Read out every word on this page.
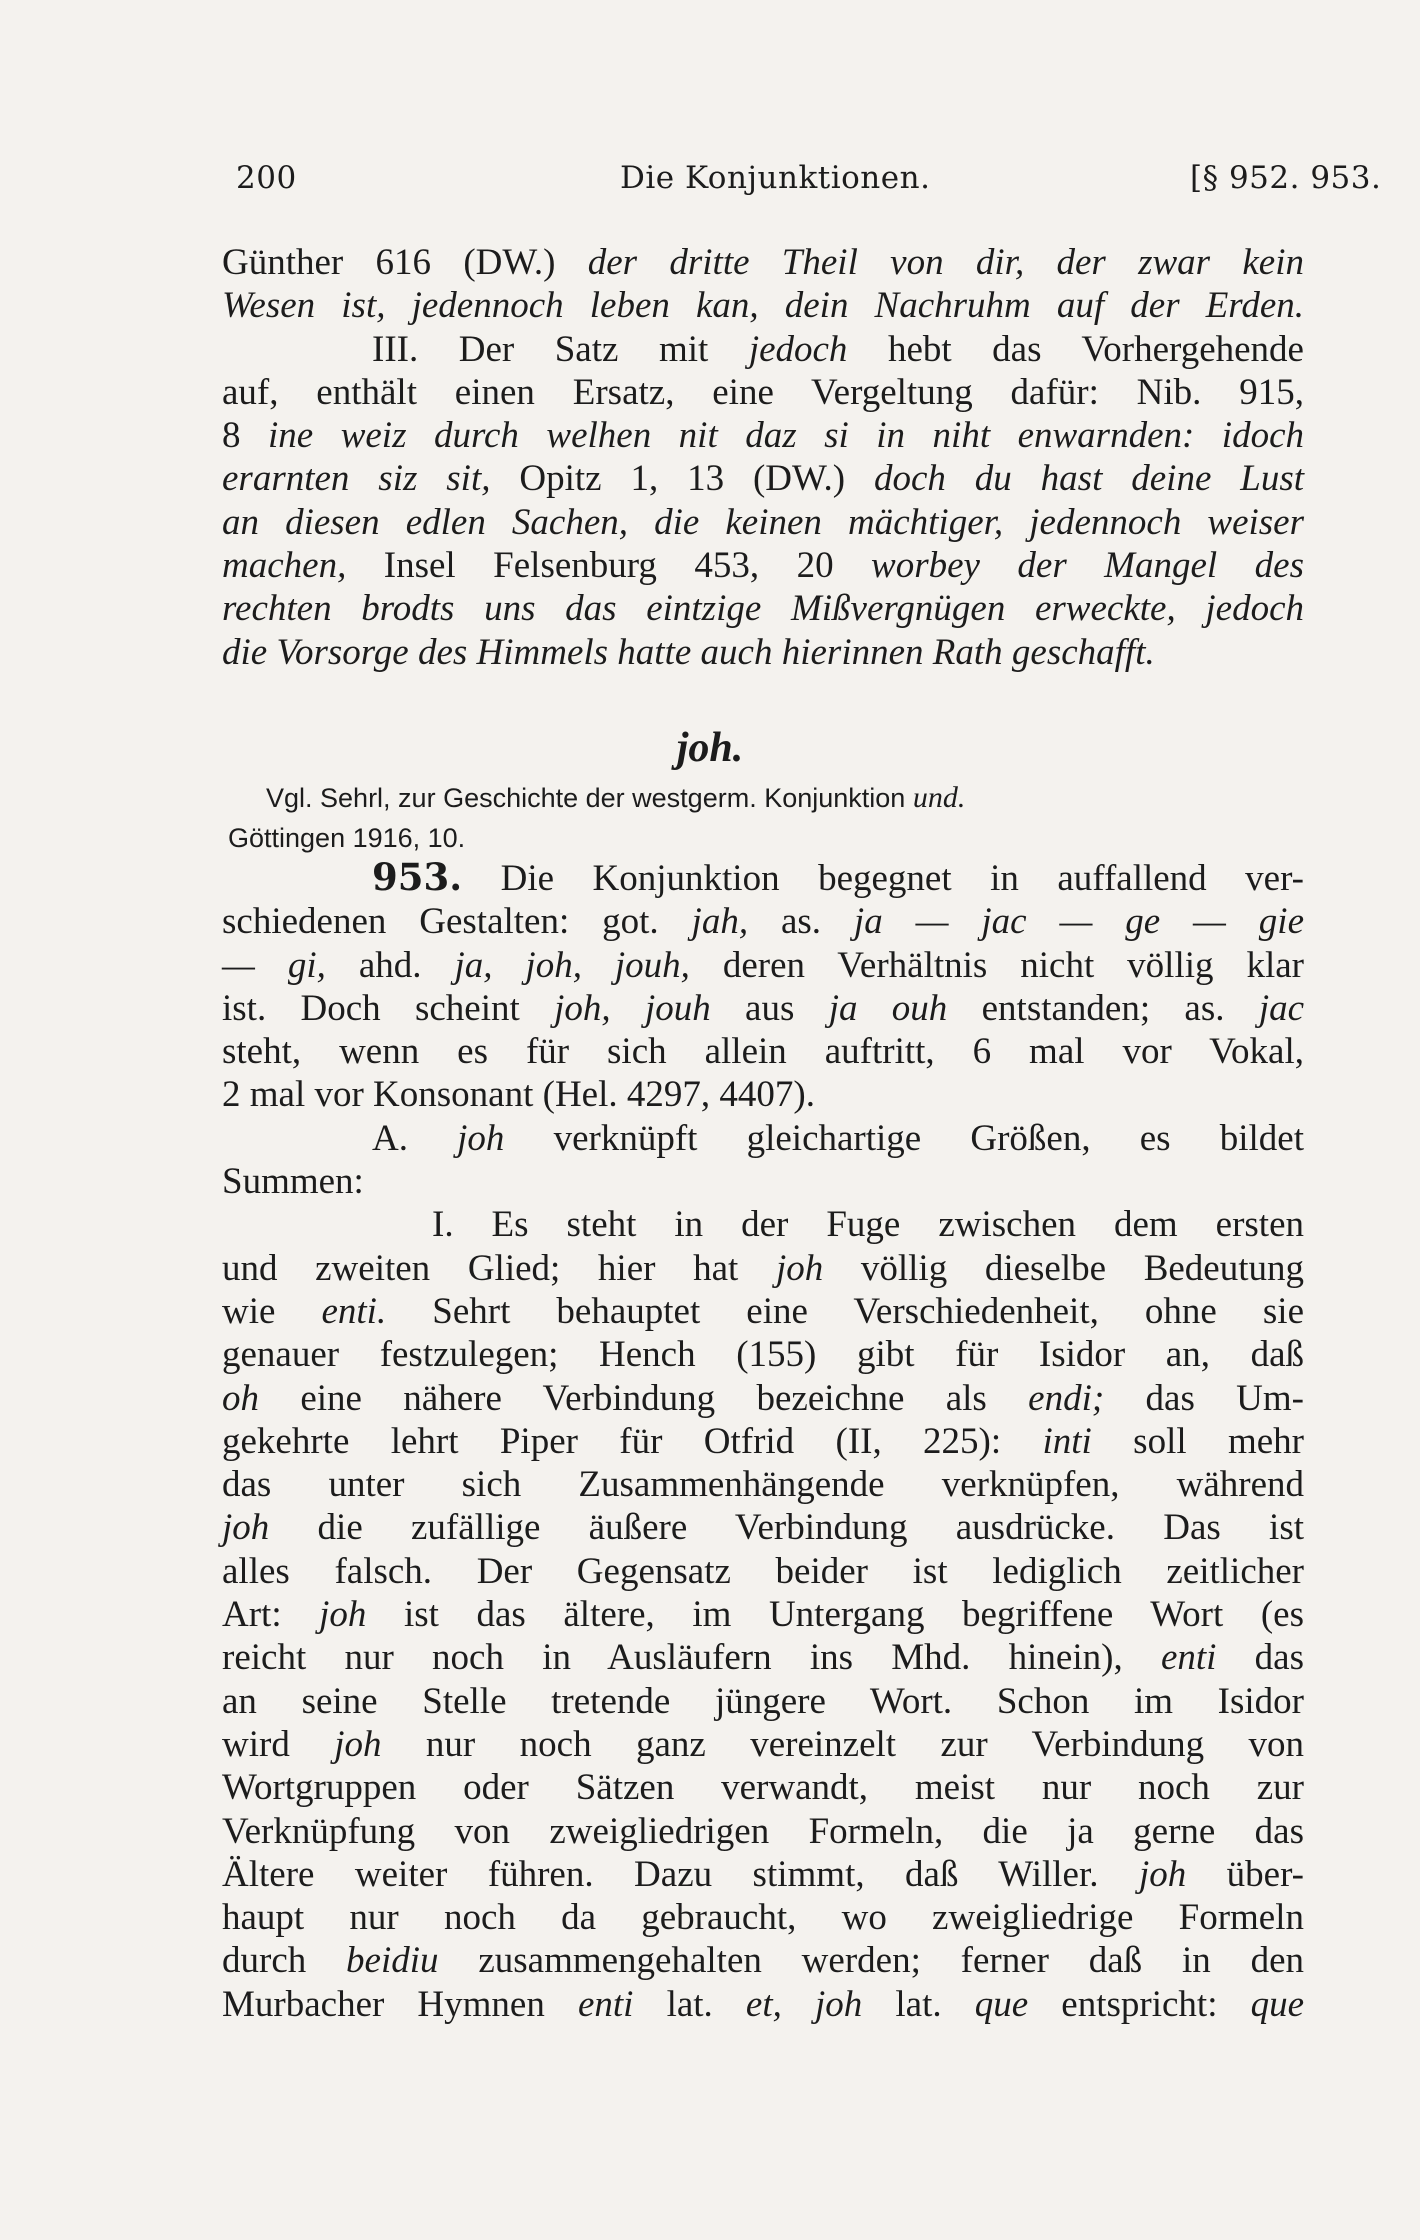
200	Die Konjunktionen.	[§ 952. 953.
Günther 616 (DW.) der dritte Theil von dir, der zwar kein
Wesen ist, jedennoch leben kan, dein Nachruhm auf der Erden.
III. Der Satz mit jedoch hebt das Vorhergehende
auf, enthält einen Ersatz, eine Vergeltung dafür: Nib. 915,
8 ine weiz durch welhen nit daz si in niht enwarnden: idoch
erarnten siz sit, Opitz 1, 13 (DW.) doch du hast deine Lust
an diesen edlen Sachen, die keinen mächtiger, jedennoch weiser
machen, Insel Felsenburg 453, 20 worbey der Mangel des
rechten brodts uns das eintzige Mißvergnügen erweckte, jedoch
die Vorsorge des Himmels hatte auch hierinnen Rath geschafft.
joh.
Vgl. Sehrl, zur Geschichte der westgerm. Konjunktion und.
Göttingen 1916, 10.
953. Die Konjunktion begegnet in auffallend ver-
schiedenen Gestalten: got. jah, as. ja — jac — ge — gie
— gi, ahd. ja, joh, jouh, deren Verhältnis nicht völlig klar
ist. Doch scheint joh, jouh aus ja ouh entstanden; as. jac
steht, wenn es für sich allein auftritt, 6 mal vor Vokal,
2 mal vor Konsonant (Hel. 4297, 4407).
A. joh verknüpft gleichartige Größen, es bildet
Summen:
I. Es steht in der Fuge zwischen dem ersten
und zweiten Glied; hier hat joh völlig dieselbe Bedeutung
wie enti. Sehrt behauptet eine Verschiedenheit, ohne sie
genauer festzulegen; Hench (155) gibt für Isidor an, daß
oh eine nähere Verbindung bezeichne als endi; das Um-
gekehrte lehrt Piper für Otfrid (II, 225): inti soll mehr
das unter sich Zusammenhängende verknüpfen, während
joh die zufällige äußere Verbindung ausdrücke. Das ist
alles falsch. Der Gegensatz beider ist lediglich zeitlicher
Art: joh ist das ältere, im Untergang begriffene Wort (es
reicht nur noch in Ausläufern ins Mhd. hinein), enti das
an seine Stelle tretende jüngere Wort. Schon im Isidor
wird joh nur noch ganz vereinzelt zur Verbindung von
Wortgruppen oder Sätzen verwandt, meist nur noch zur
Verknüpfung von zweigliedrigen Formeln, die ja gerne das
Ältere weiter führen. Dazu stimmt, daß Willer. joh über-
haupt nur noch da gebraucht, wo zweigliedrige Formeln
durch beidiu zusammengehalten werden; ferner daß in den
Murbacher Hymnen enti lat. et, joh lat. que entspricht: que
